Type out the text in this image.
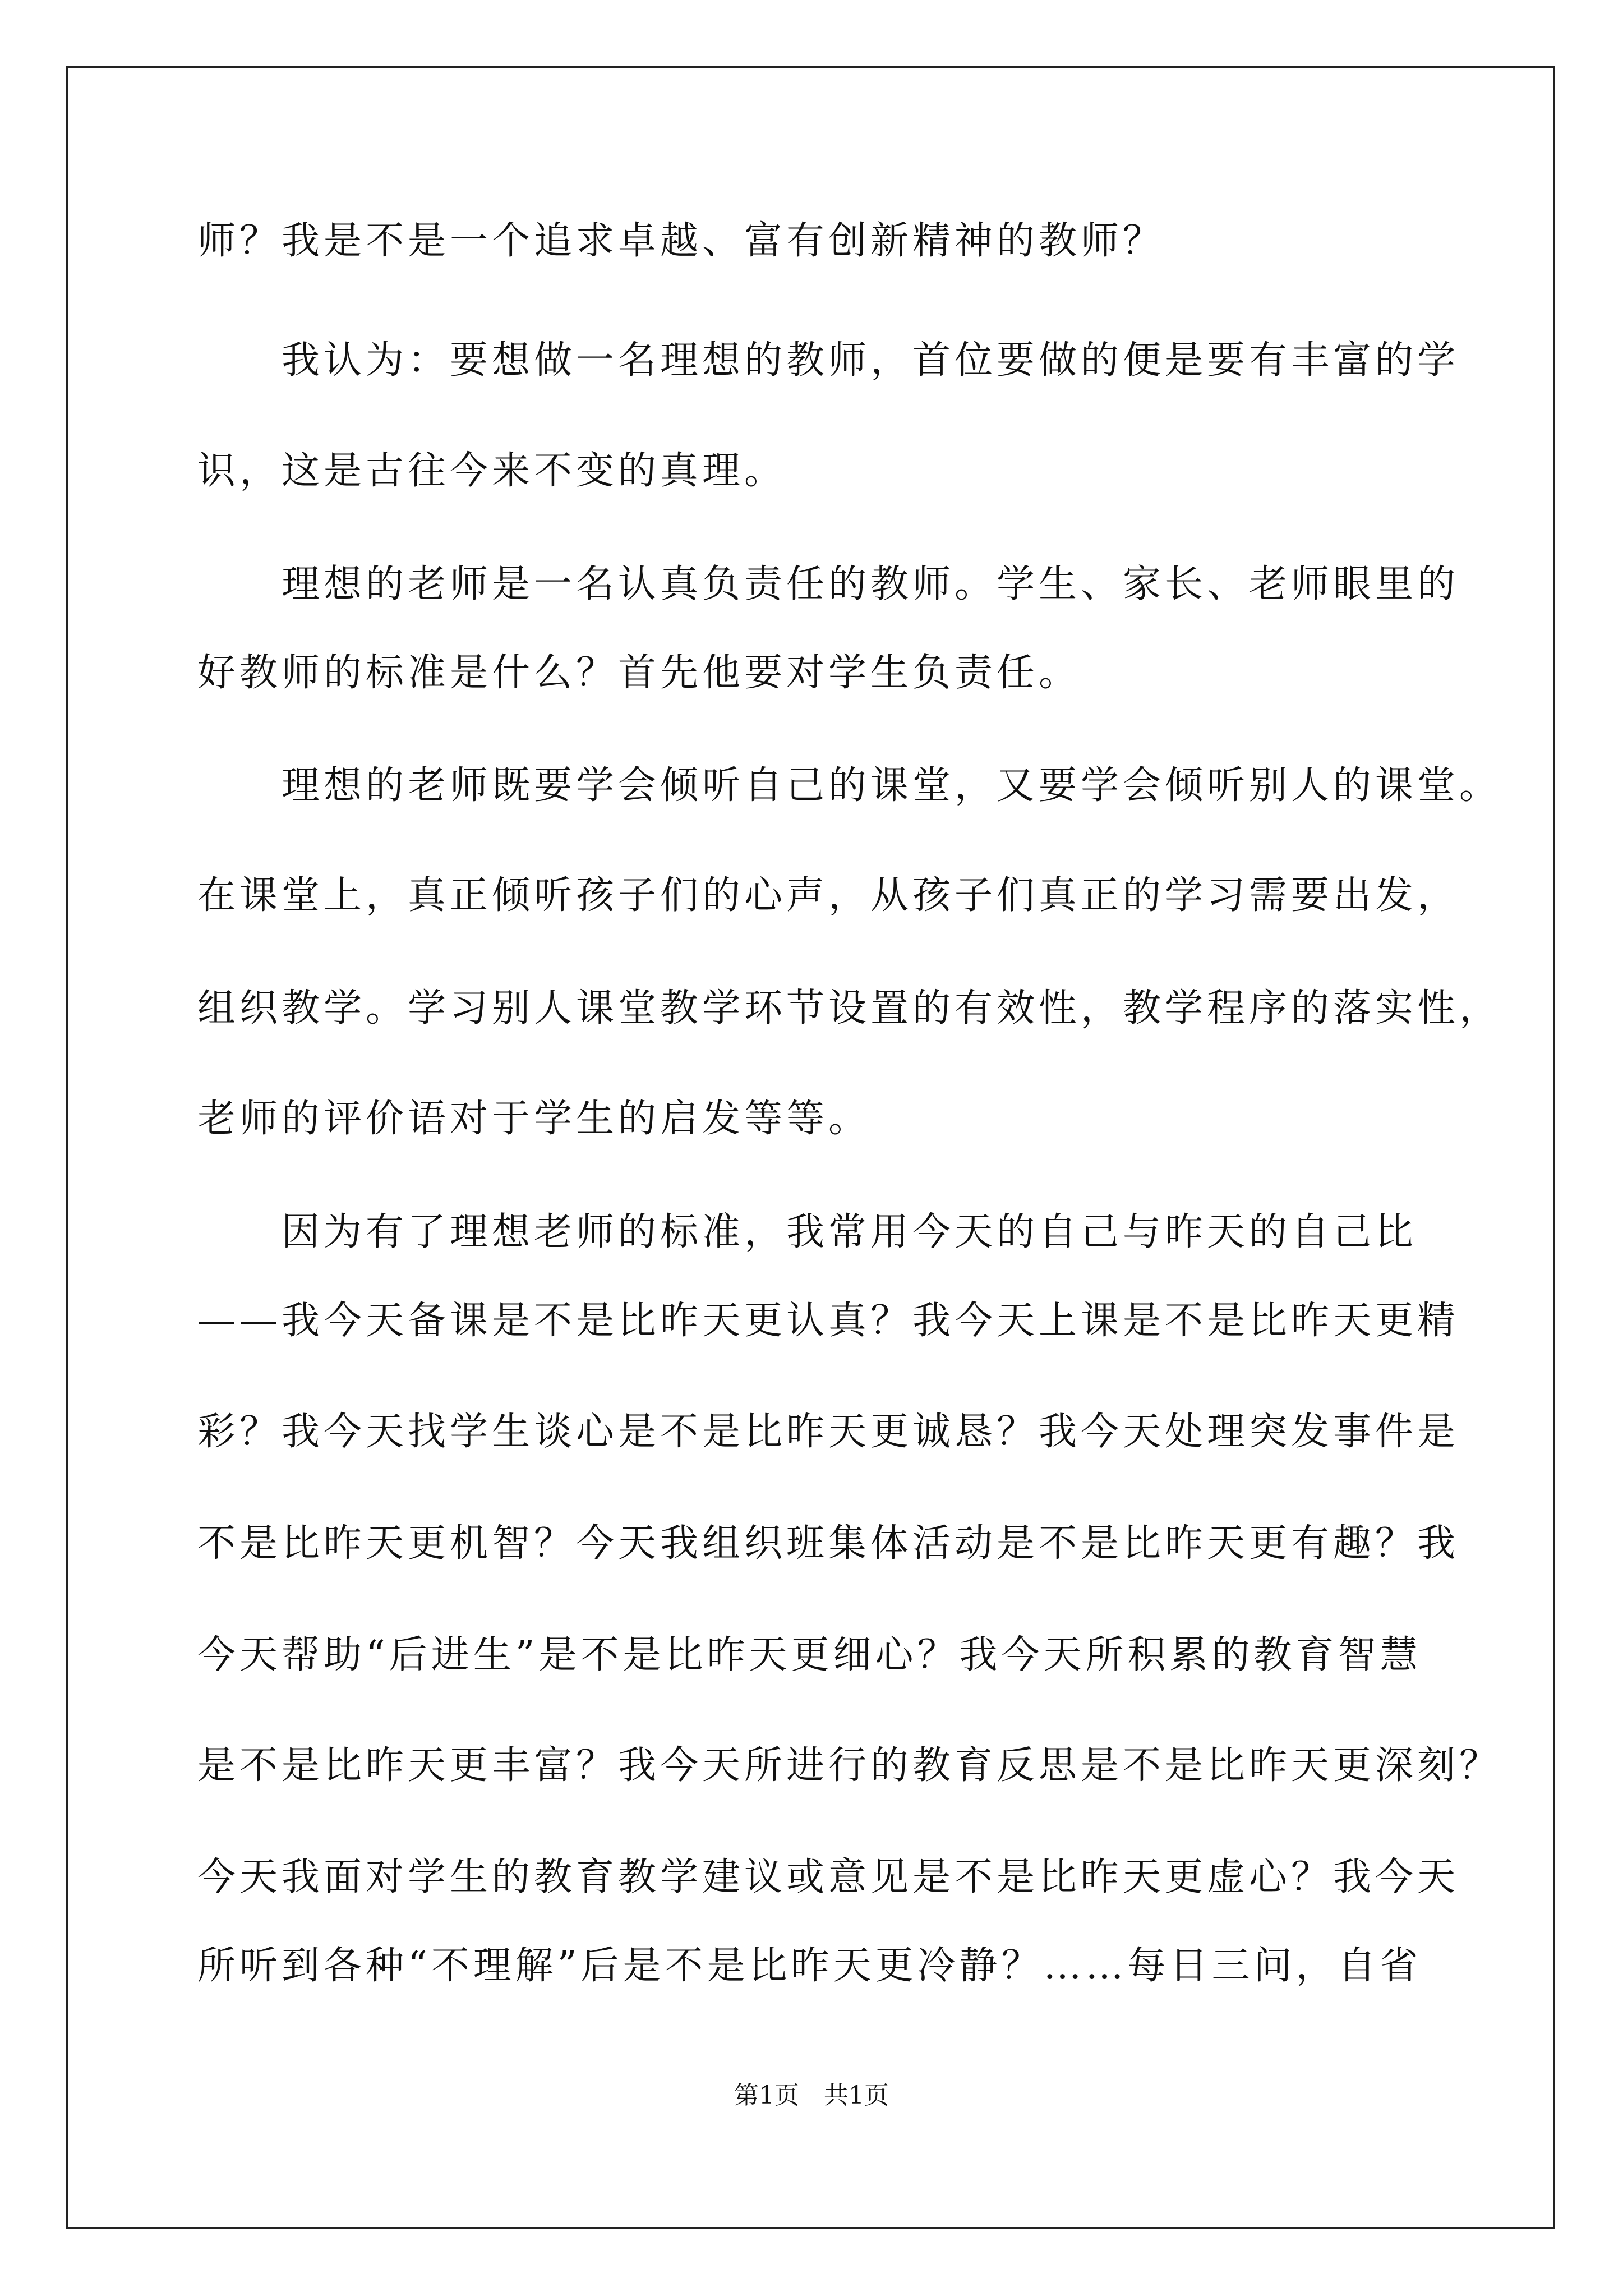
师？我是不是一个追求卓越、富有创新精神的教师？
　　我认为：要想做一名理想的教师，首位要做的便是要有丰富的学
识，这是古往今来不变的真理。
　　理想的老师是一名认真负责任的教师。学生、家长、老师眼里的
好教师的标准是什么？首先他要对学生负责任。
　　理想的老师既要学会倾听自己的课堂，又要学会倾听别人的课堂。
在课堂上，真正倾听孩子们的心声，从孩子们真正的学习需要出发，
组织教学。学习别人课堂教学环节设置的有效性，教学程序的落实性，
老师的评价语对于学生的启发等等。
　　因为有了理想老师的标准，我常用今天的自己与昨天的自己比
——我今天备课是不是比昨天更认真？我今天上课是不是比昨天更精
彩？我今天找学生谈心是不是比昨天更诚恳？我今天处理突发事件是
不是比昨天更机智？今天我组织班集体活动是不是比昨天更有趣？我
今天帮助“后进生”是不是比昨天更细心？我今天所积累的教育智慧
是不是比昨天更丰富？我今天所进行的教育反思是不是比昨天更深刻？
今天我面对学生的教育教学建议或意见是不是比昨天更虚心？我今天
所听到各种“不理解”后是不是比昨天更冷静？……每日三问，自省
第1页　共1页
